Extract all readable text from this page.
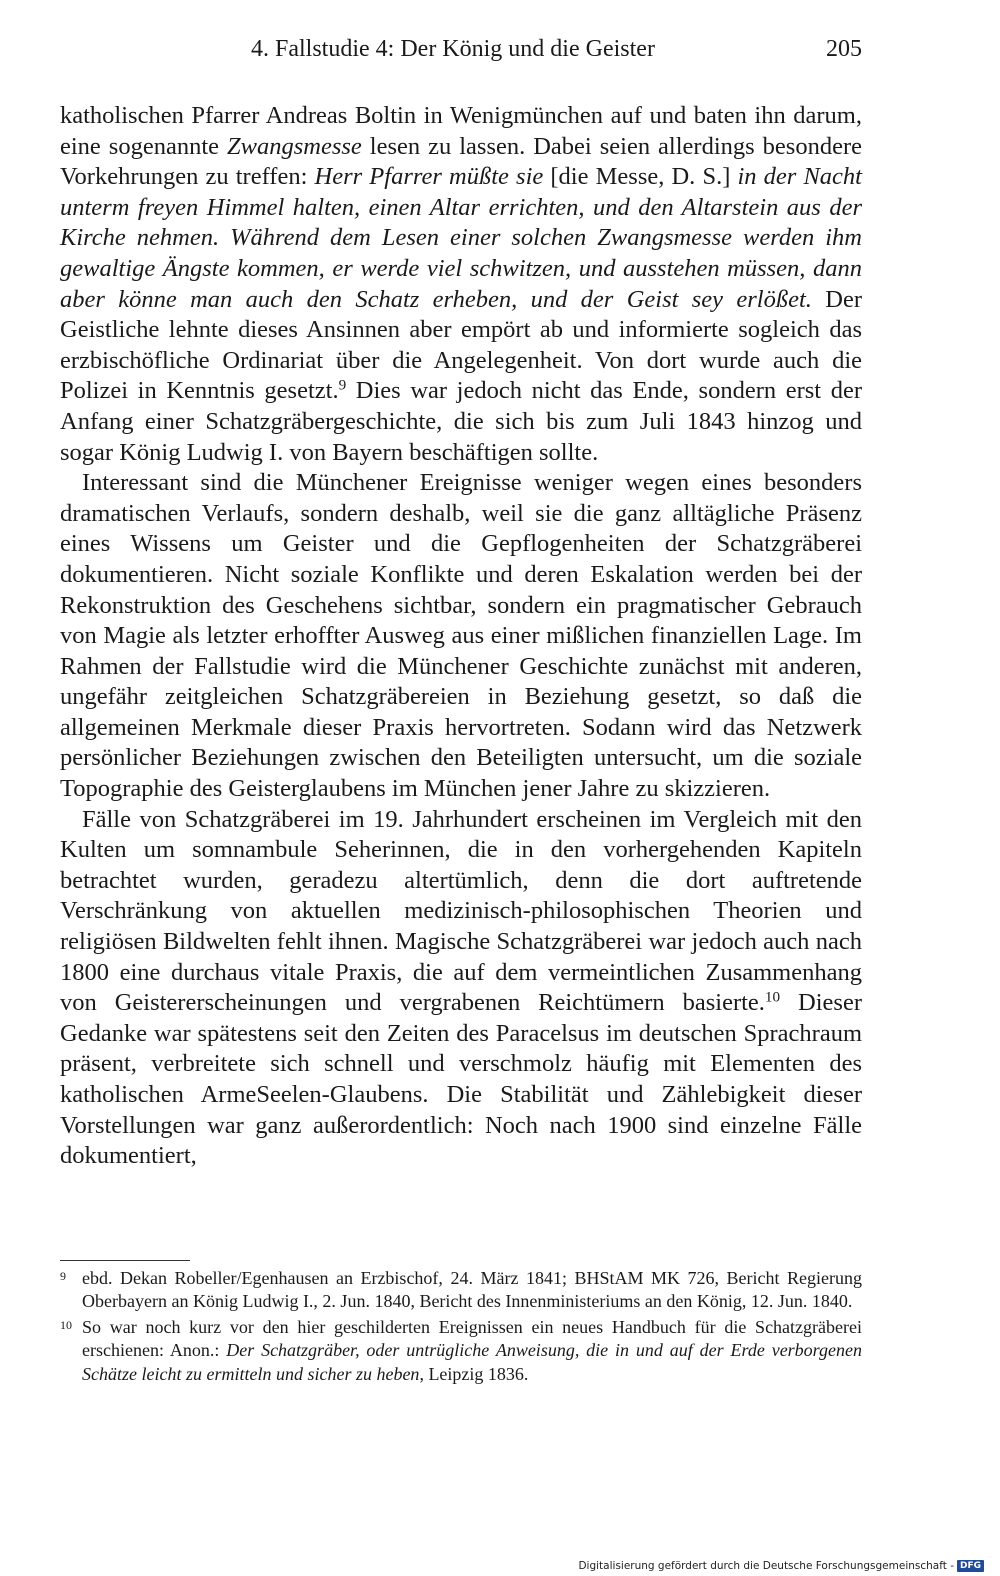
4. Fallstudie 4: Der König und die Geister	205

katholischen Pfarrer Andreas Boltin in Wenigmünchen auf und baten ihn darum, eine sogenannte Zwangsmesse lesen zu lassen. Dabei seien allerdings besondere Vorkehrungen zu treffen: Herr Pfarrer müßte sie [die Messe, D. S.] in der Nacht unterm freyen Himmel halten, einen Altar errichten, und den Altarstein aus der Kirche nehmen. Während dem Lesen einer solchen Zwangsmesse werden ihm gewaltige Ängste kommen, er werde viel schwitzen, und ausstehen müssen, dann aber könne man auch den Schatz erheben, und der Geist sey erlößet. Der Geistliche lehnte dieses Ansinnen aber empört ab und informierte sogleich das erzbischöfliche Ordinariat über die Angelegenheit. Von dort wurde auch die Polizei in Kenntnis gesetzt.$^9$ Dies war jedoch nicht das Ende, sondern erst der Anfang einer Schatzgräbergeschichte, die sich bis zum Juli 1843 hinzog und sogar König Ludwig I. von Bayern beschäftigen sollte.

Interessant sind die Münchener Ereignisse weniger wegen eines besonders dramatischen Verlaufs, sondern deshalb, weil sie die ganz alltägliche Präsenz eines Wissens um Geister und die Gepflogenheiten der Schatzgräberei dokumentieren. Nicht soziale Konflikte und deren Eskalation werden bei der Rekonstruktion des Geschehens sichtbar, sondern ein pragmatischer Gebrauch von Magie als letzter erhoffter Ausweg aus einer mißlichen finanziellen Lage. Im Rahmen der Fallstudie wird die Münchener Geschichte zunächst mit anderen, ungefähr zeitgleichen Schatzgräbereien in Beziehung gesetzt, so daß die allgemeinen Merkmale dieser Praxis hervortreten. Sodann wird das Netzwerk persönlicher Beziehungen zwischen den Beteiligten untersucht, um die soziale Topographie des Geisterglaubens im München jener Jahre zu skizzieren.

Fälle von Schatzgräberei im 19. Jahrhundert erscheinen im Vergleich mit den Kulten um somnambule Seherinnen, die in den vorhergehenden Kapiteln betrachtet wurden, geradezu altertümlich, denn die dort auftretende Verschränkung von aktuellen medizinisch-philosophischen Theorien und religiösen Bildwelten fehlt ihnen. Magische Schatzgräberei war jedoch auch nach 1800 eine durchaus vitale Praxis, die auf dem vermeintlichen Zusammenhang von Geistererscheinungen und vergrabenen Reichtümern basierte.$^{10}$ Dieser Gedanke war spätestens seit den Zeiten des Paracelsus im deutschen Sprachraum präsent, verbreitete sich schnell und verschmolz häufig mit Elementen des katholischen ArmeSeelen-Glaubens. Die Stabilität und Zählebigkeit dieser Vorstellungen war ganz außerordentlich: Noch nach 1900 sind einzelne Fälle dokumentiert,

9 ebd. Dekan Robeller/Egenhausen an Erzbischof, 24. März 1841; BHStAM MK 726, Bericht Regierung Oberbayern an König Ludwig I., 2. Jun. 1840, Bericht des Innenministeriums an den König, 12. Jun. 1840.
10 So war noch kurz vor den hier geschilderten Ereignissen ein neues Handbuch für die Schatzgräberei erschienen: Anon.: Der Schatzgräber, oder untrügliche Anweisung, die in und auf der Erde verborgenen Schätze leicht zu ermitteln und sicher zu heben, Leipzig 1836.
Digitalisierung gefördert durch die Deutsche Forschungsgemeinschaft - DFG
